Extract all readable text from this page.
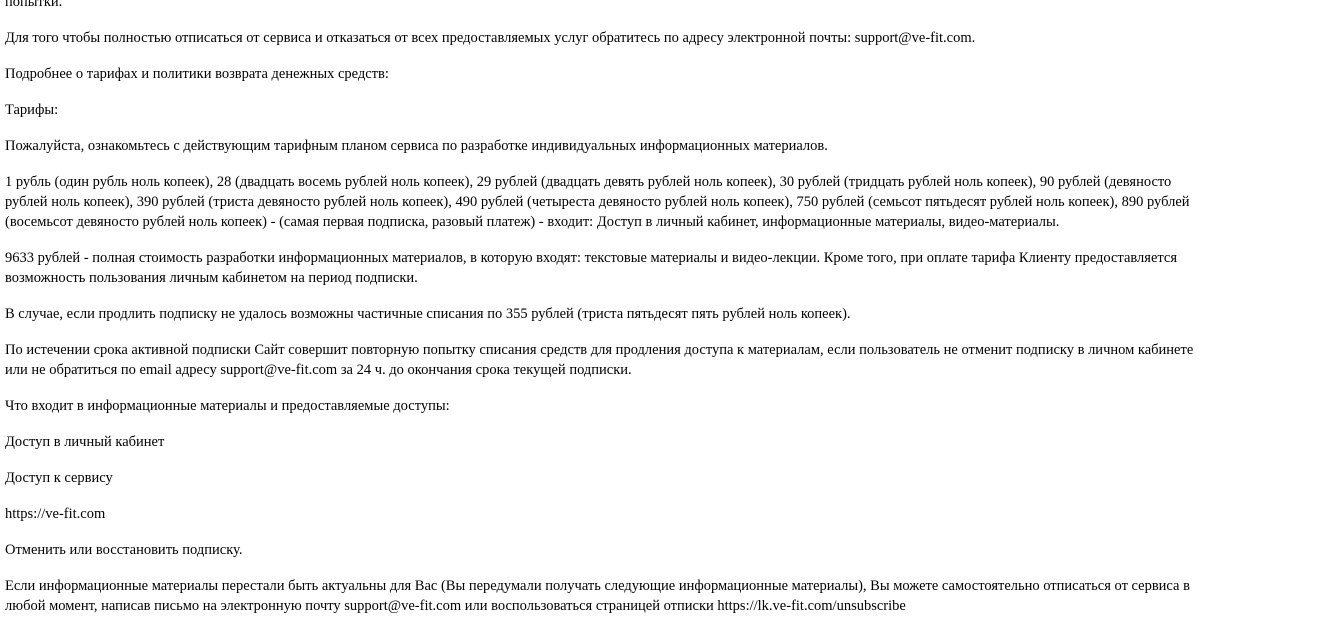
попытки.

Для того чтобы полностью отписаться от сервиса и отказаться от всех предоставляемых услуг обратитесь по адресу электронной почты: support@ve-fit.com.

Подробнее о тарифах и политики возврата денежных средств:

Тарифы:

Пожалуйста, ознакомьтесь с действующим тарифным планом сервиса по разработке индивидуальных информационных материалов.

1 рубль (один рубль ноль копеек), 28 (двадцать восемь рублей ноль копеек), 29 рублей (двадцать девять рублей ноль копеек), 30 рублей (тридцать рублей ноль копеек), 90 рублей (девяносто
рублей ноль копеек), 390 рублей (триста девяносто рублей ноль копеек), 490 рублей (четыреста девяносто рублей ноль копеек), 750 рублей (семьсот пятьдесят рублей ноль копеек), 890 рублей
(восемьсот девяносто рублей ноль копеек) - (самая первая подписка, разовый платеж) - входит: Доступ в личный кабинет, информационные материалы, видео-материалы.

9633 рублей - полная стоимость разработки информационных материалов, в которую входят: текстовые материалы и видео-лекции. Кроме того, при оплате тарифа Клиенту предоставляется
возможность пользования личным кабинетом на период подписки.

В случае, если продлить подписку не удалось возможны частичные списания по 355 рублей (триста пятьдесят пять рублей ноль копеек).

По истечении срока активной подписки Сайт совершит повторную попытку списания средств для продления доступа к материалам, если пользователь не отменит подписку в личном кабинете
или не обратиться по email адресу support@ve-fit.com за 24 ч. до окончания срока текущей подписки.

Что входит в информационные материалы и предоставляемые доступы:

Доступ в личный кабинет

Доступ к сервису

https://ve-fit.com

Отменить или восстановить подписку.

Если информационные материалы перестали быть актуальны для Вас (Вы передумали получать следующие информационные материалы), Вы можете самостоятельно отписаться от сервиса в
любой момент, написав письмо на электронную почту support@ve-fit.com или воспользоваться страницей отписки https://lk.ve-fit.com/unsubscribe
